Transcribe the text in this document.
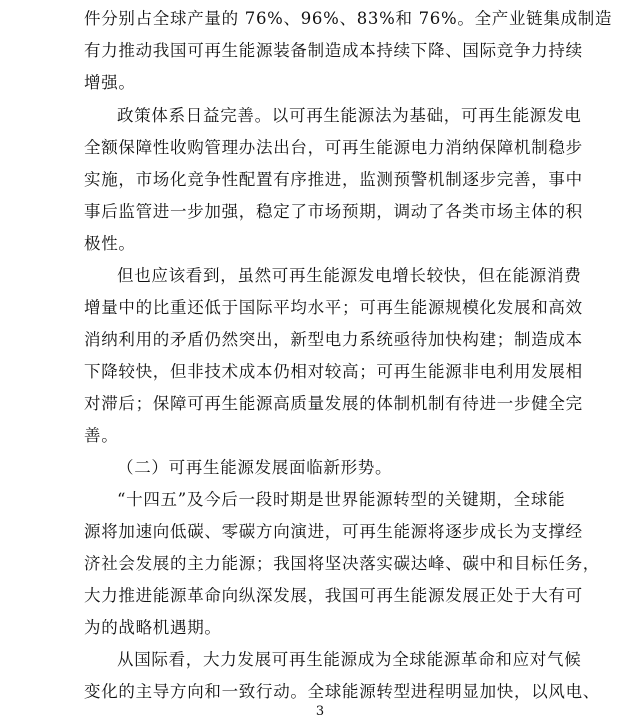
件分别占全球产量的 76%、96%、83%和 76%。全产业链集成制造
有力推动我国可再生能源装备制造成本持续下降、国际竞争力持续
增强。
政策体系日益完善。以可再生能源法为基础，可再生能源发电
全额保障性收购管理办法出台，可再生能源电力消纳保障机制稳步
实施，市场化竞争性配置有序推进，监测预警机制逐步完善，事中
事后监管进一步加强，稳定了市场预期，调动了各类市场主体的积
极性。
但也应该看到，虽然可再生能源发电增长较快，但在能源消费
增量中的比重还低于国际平均水平；可再生能源规模化发展和高效
消纳利用的矛盾仍然突出，新型电力系统亟待加快构建；制造成本
下降较快，但非技术成本仍相对较高；可再生能源非电利用发展相
对滞后；保障可再生能源高质量发展的体制机制有待进一步健全完
善。
（二）可再生能源发展面临新形势。
“十四五”及今后一段时期是世界能源转型的关键期，全球能
源将加速向低碳、零碳方向演进，可再生能源将逐步成长为支撑经
济社会发展的主力能源；我国将坚决落实碳达峰、碳中和目标任务，
大力推进能源革命向纵深发展，我国可再生能源发展正处于大有可
为的战略机遇期。
从国际看，大力发展可再生能源成为全球能源革命和应对气候
变化的主导方向和一致行动。全球能源转型进程明显加快，以风电、
3
